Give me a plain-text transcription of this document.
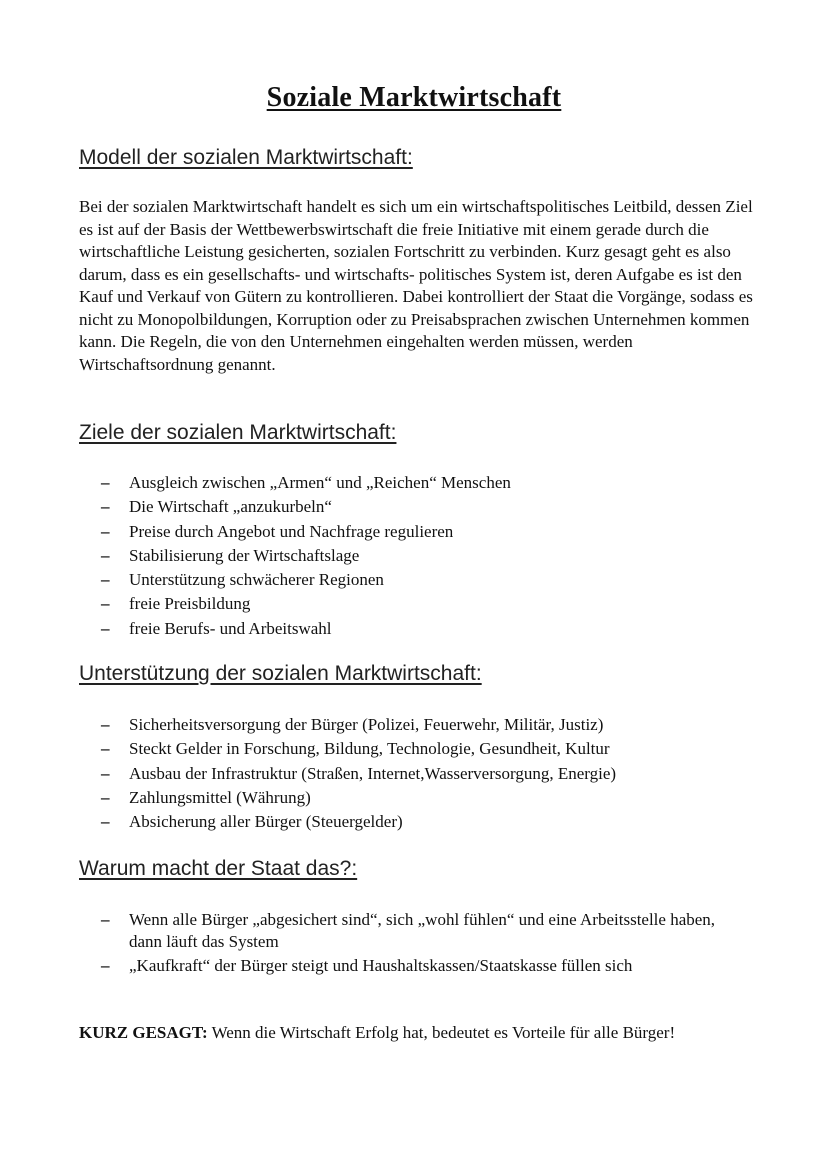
Soziale Marktwirtschaft
Modell der sozialen Marktwirtschaft:
Bei der sozialen Marktwirtschaft handelt es sich um ein wirtschaftspolitisches Leitbild, dessen Ziel es ist auf der Basis der Wettbewerbswirtschaft die freie Initiative mit einem gerade durch die wirtschaftliche Leistung gesicherten, sozialen Fortschritt zu verbinden. Kurz gesagt geht es also darum, dass es ein gesellschafts- und wirtschafts- politisches System ist, deren Aufgabe es ist den Kauf und Verkauf von Gütern zu kontrollieren. Dabei kontrolliert der Staat die Vorgänge, sodass es nicht zu Monopolbildungen, Korruption oder zu Preisabsprachen zwischen Unternehmen kommen kann. Die Regeln, die von den Unternehmen eingehalten werden müssen, werden Wirtschaftsordnung genannt.
Ziele der sozialen Marktwirtschaft:
– Ausgleich zwischen „Armen“ und „Reichen“ Menschen
– Die Wirtschaft „anzukurbeln“
– Preise durch Angebot und Nachfrage regulieren
– Stabilisierung der Wirtschaftslage
– Unterstützung schwächerer Regionen
– freie Preisbildung
– freie Berufs- und Arbeitswahl
Unterstützung der sozialen Marktwirtschaft:
– Sicherheitsversorgung der Bürger (Polizei, Feuerwehr, Militär, Justiz)
– Steckt Gelder in Forschung, Bildung, Technologie, Gesundheit, Kultur
– Ausbau der Infrastruktur (Straßen, Internet,Wasserversorgung, Energie)
– Zahlungsmittel (Währung)
– Absicherung aller Bürger (Steuergelder)
Warum macht der Staat das?:
– Wenn alle Bürger „abgesichert sind“, sich „wohl fühlen“ und eine Arbeitsstelle haben, dann läuft das System
– „Kaufkraft“ der Bürger steigt und Haushaltskassen/Staatskasse füllen sich
KURZ GESAGT: Wenn die Wirtschaft Erfolg hat, bedeutet es Vorteile für alle Bürger!
